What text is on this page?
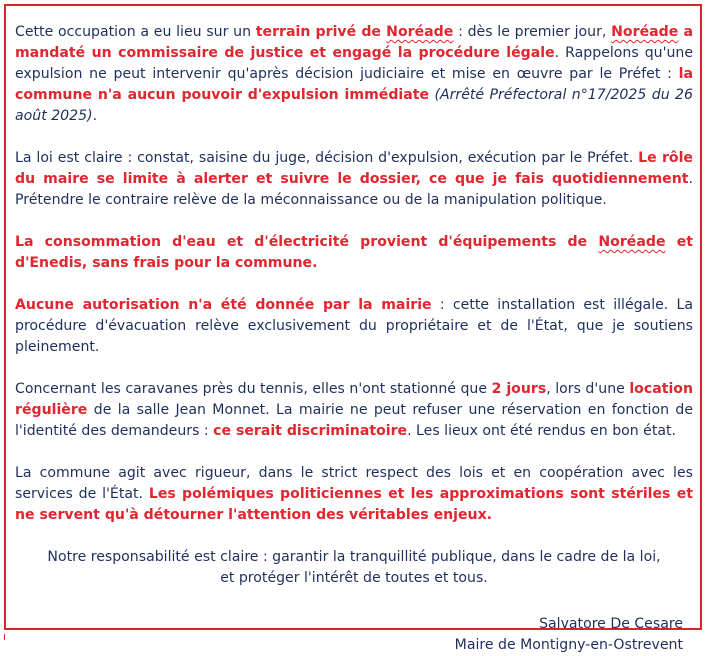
Cette occupation a eu lieu sur un terrain privé de Noréade : dès le premier jour, Noréade a mandaté un commissaire de justice et engagé la procédure légale. Rappelons qu'une expulsion ne peut intervenir qu'après décision judiciaire et mise en œuvre par le Préfet : la commune n'a aucun pouvoir d'expulsion immédiate (Arrêté Préfectoral n°17/2025 du 26 août 2025).

La loi est claire : constat, saisine du juge, décision d'expulsion, exécution par le Préfet. Le rôle du maire se limite à alerter et suivre le dossier, ce que je fais quotidiennement. Prétendre le contraire relève de la méconnaissance ou de la manipulation politique.

La consommation d'eau et d'électricité provient d'équipements de Noréade et d'Enedis, sans frais pour la commune.

Aucune autorisation n'a été donnée par la mairie : cette installation est illégale. La procédure d'évacuation relève exclusivement du propriétaire et de l'État, que je soutiens pleinement.

Concernant les caravanes près du tennis, elles n'ont stationné que 2 jours, lors d'une location régulière de la salle Jean Monnet. La mairie ne peut refuser une réservation en fonction de l'identité des demandeurs : ce serait discriminatoire. Les lieux ont été rendus en bon état.

La commune agit avec rigueur, dans le strict respect des lois et en coopération avec les services de l'État. Les polémiques politiciennes et les approximations sont stériles et ne servent qu'à détourner l'attention des véritables enjeux.

Notre responsabilité est claire : garantir la tranquillité publique, dans le cadre de la loi,
et protéger l'intérêt de toutes et tous.

Salvatore De Cesare
Maire de Montigny-en-Ostrevent
